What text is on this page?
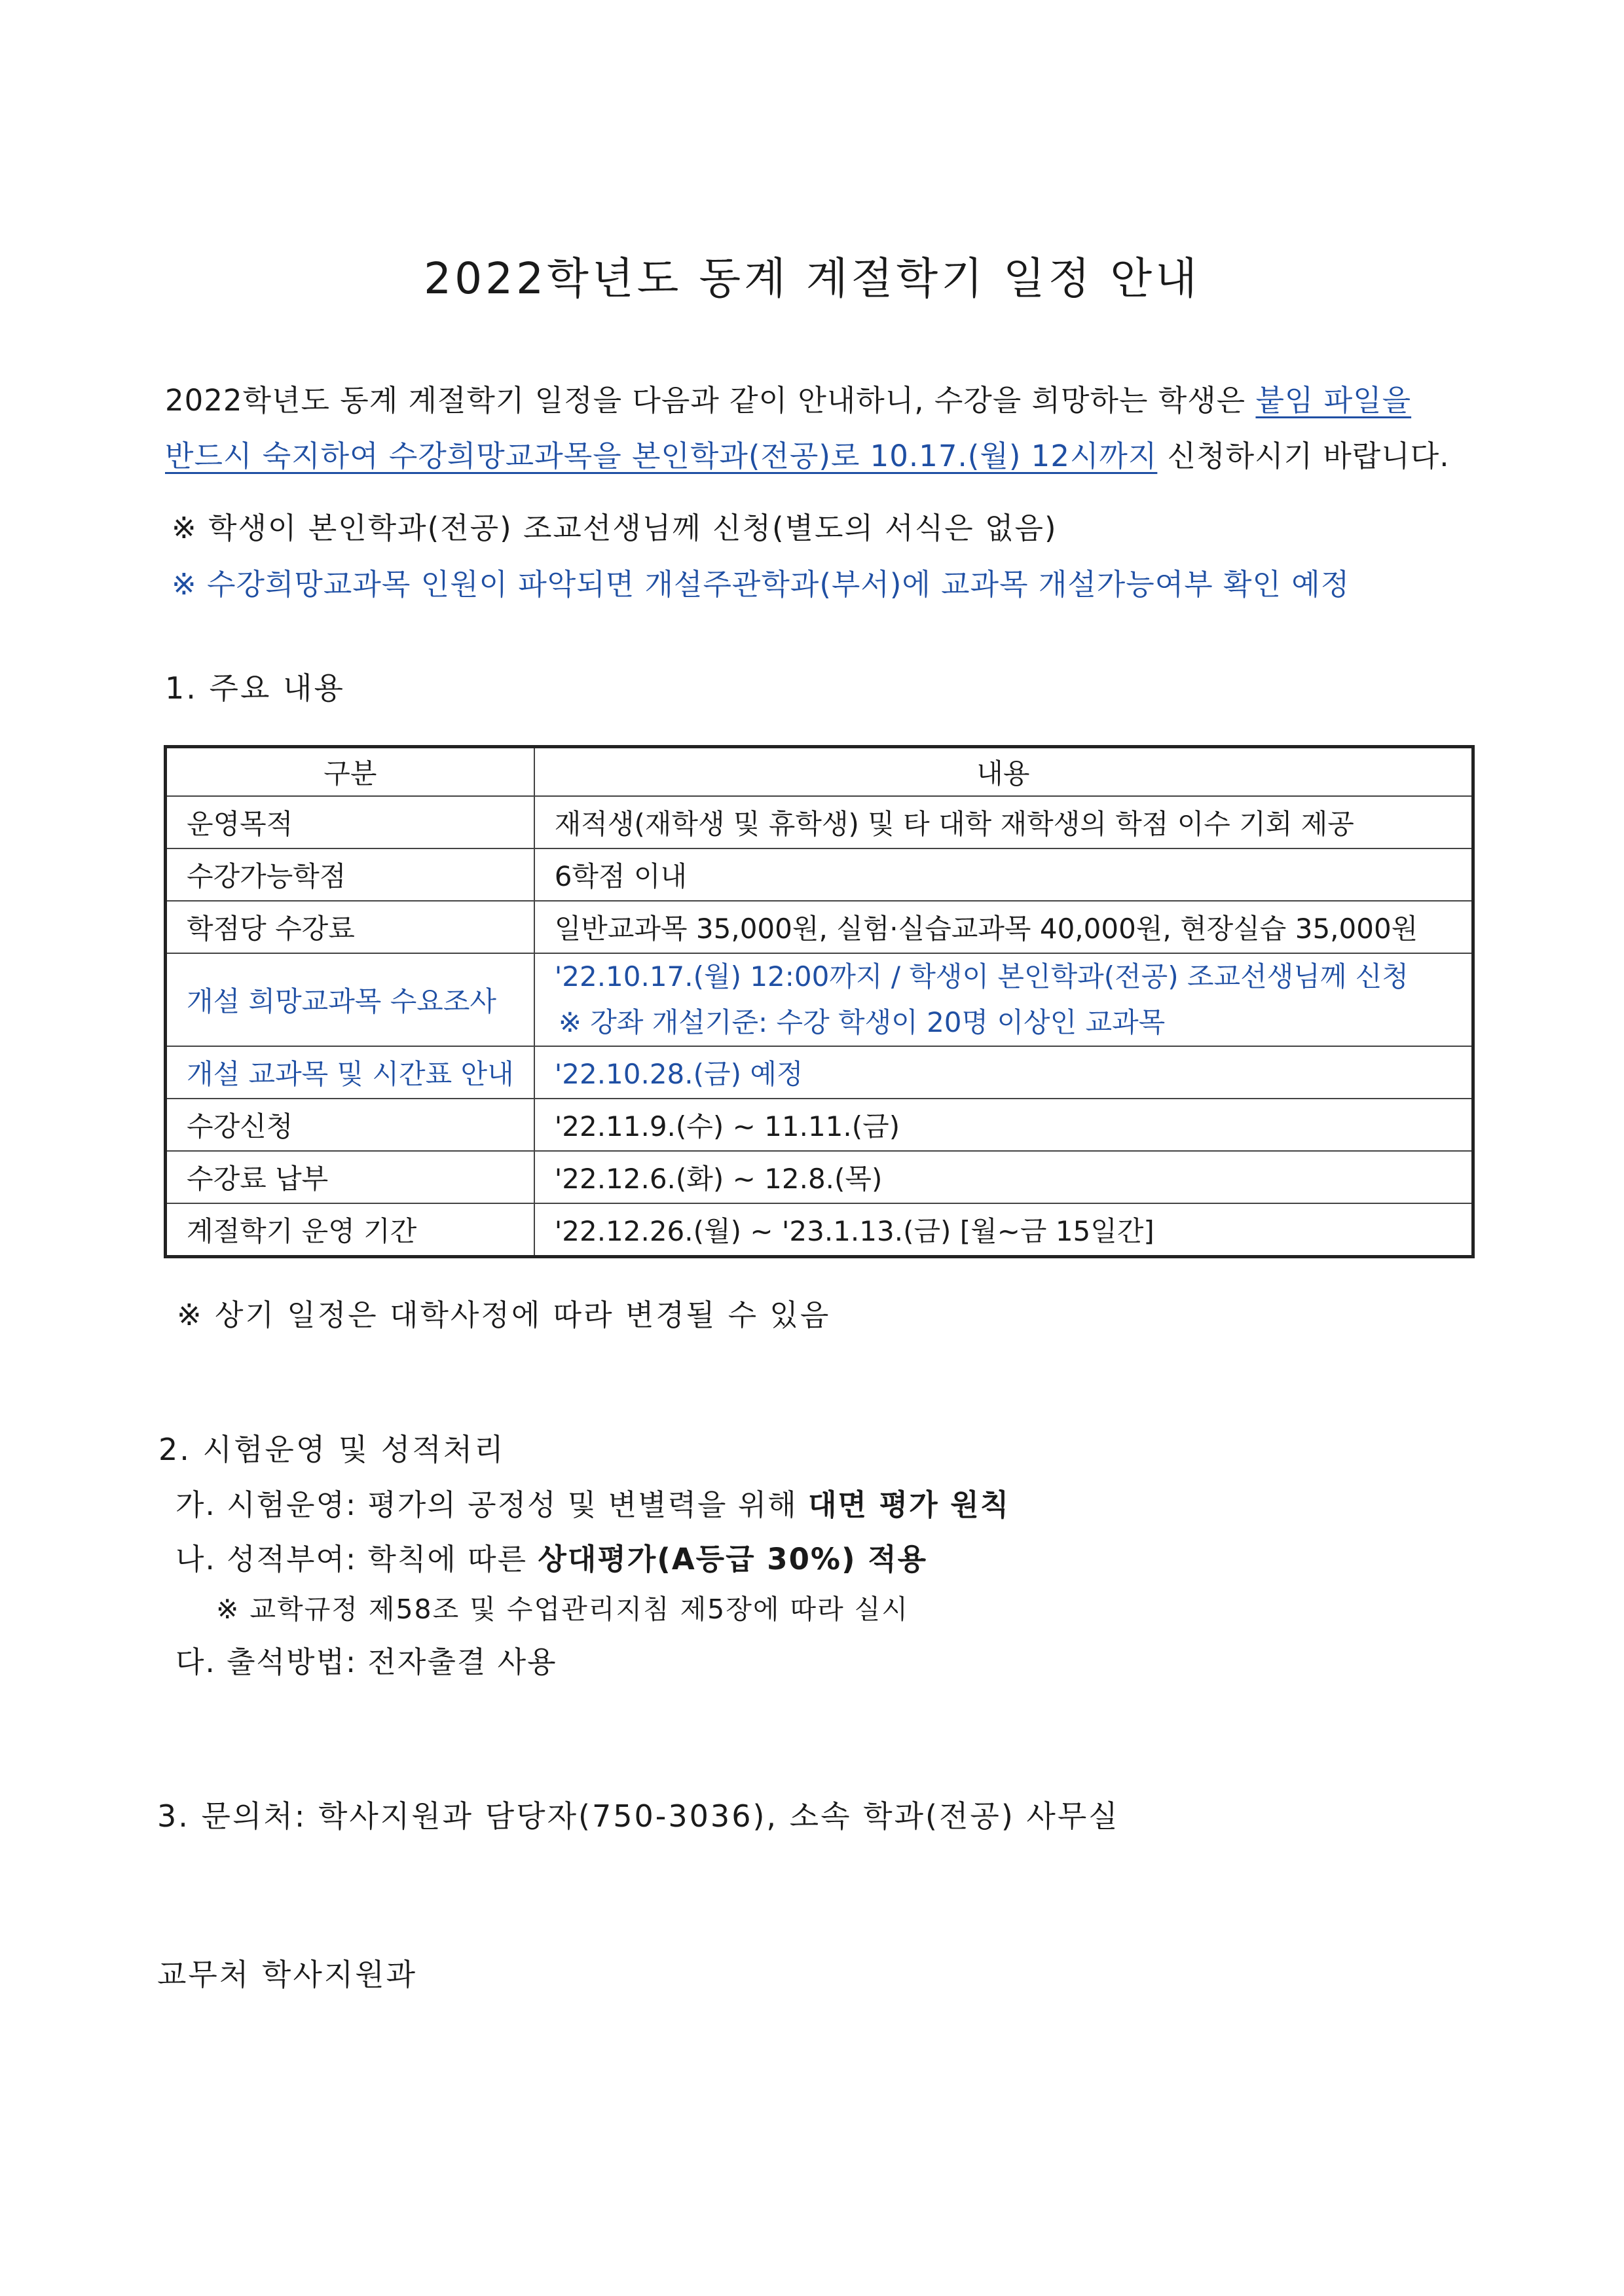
2022학년도 동계 계절학기 일정 안내
2022학년도 동계 계절학기 일정을 다음과 같이 안내하니, 수강을 희망하는 학생은 붙임 파일을
반드시 숙지하여 수강희망교과목을 본인학과(전공)로 10.17.(월) 12시까지 신청하시기 바랍니다.
※ 학생이 본인학과(전공) 조교선생님께 신청(별도의 서식은 없음)
※ 수강희망교과목 인원이 파악되면 개설주관학과(부서)에 교과목 개설가능여부 확인 예정
1. 주요 내용
구분	내용
운영목적	재적생(재학생 및 휴학생) 및 타 대학 재학생의 학점 이수 기회 제공
수강가능학점	6학점 이내
학점당 수강료	일반교과목 35,000원, 실험·실습교과목 40,000원, 현장실습 35,000원
개설 희망교과목 수요조사	'22.10.17.(월) 12:00까지 / 학생이 본인학과(전공) 조교선생님께 신청
※ 강좌 개설기준: 수강 학생이 20명 이상인 교과목

개설 교과목 및 시간표 안내	'22.10.28.(금) 예정
수강신청	'22.11.9.(수) ~ 11.11.(금)
수강료 납부	'22.12.6.(화) ~ 12.8.(목)
계절학기 운영 기간	'22.12.26.(월) ~ '23.1.13.(금) [월~금 15일간]
※ 상기 일정은 대학사정에 따라 변경될 수 있음
2. 시험운영 및 성적처리
가. 시험운영: 평가의 공정성 및 변별력을 위해 대면 평가 원칙
나. 성적부여: 학칙에 따른 상대평가(A등급 30%) 적용
※ 교학규정 제58조 및 수업관리지침 제5장에 따라 실시
다. 출석방법: 전자출결 사용
3. 문의처: 학사지원과 담당자(750-3036), 소속 학과(전공) 사무실
교무처 학사지원과
